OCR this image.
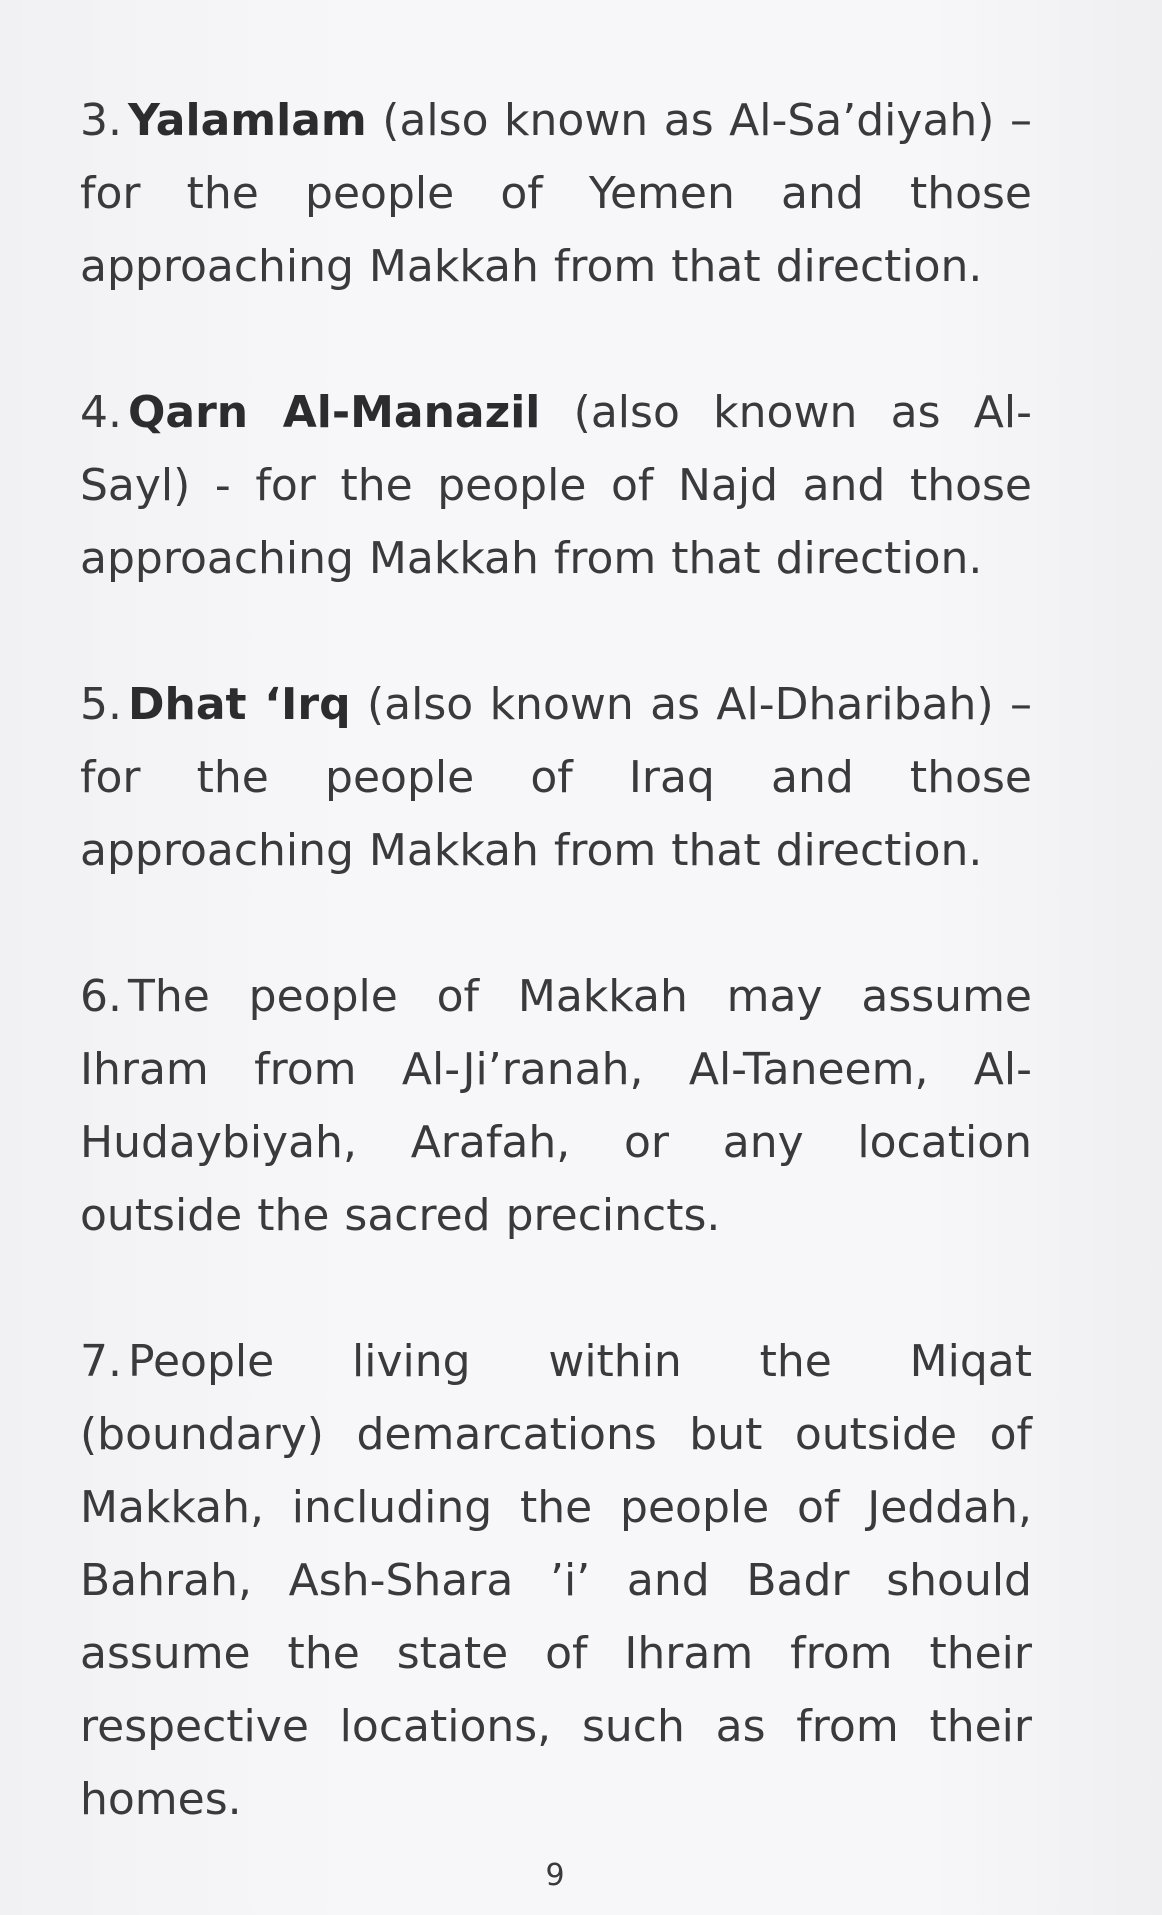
3. Yalamlam (also known as Al-Sa’diyah) – for the people of Yemen and those approaching Makkah from that direction.

4. Qarn Al-Manazil (also known as Al-Sayl) - for the people of Najd and those approaching Makkah from that direction.

5. Dhat ‘Irq (also known as Al-Dharibah) – for the people of Iraq and those approaching Makkah from that direction.

6. The people of Makkah may assume Ihram from Al-Ji’ranah, Al-Taneem, Al-Hudaybiyah, Arafah, or any location outside the sacred precincts.

7. People living within the Miqat (boundary) demarcations but outside of Makkah, including the people of Jeddah, Bahrah, Ash-Shara ’i’ and Badr should assume the state of Ihram from their respective locations, such as from their homes.

9
